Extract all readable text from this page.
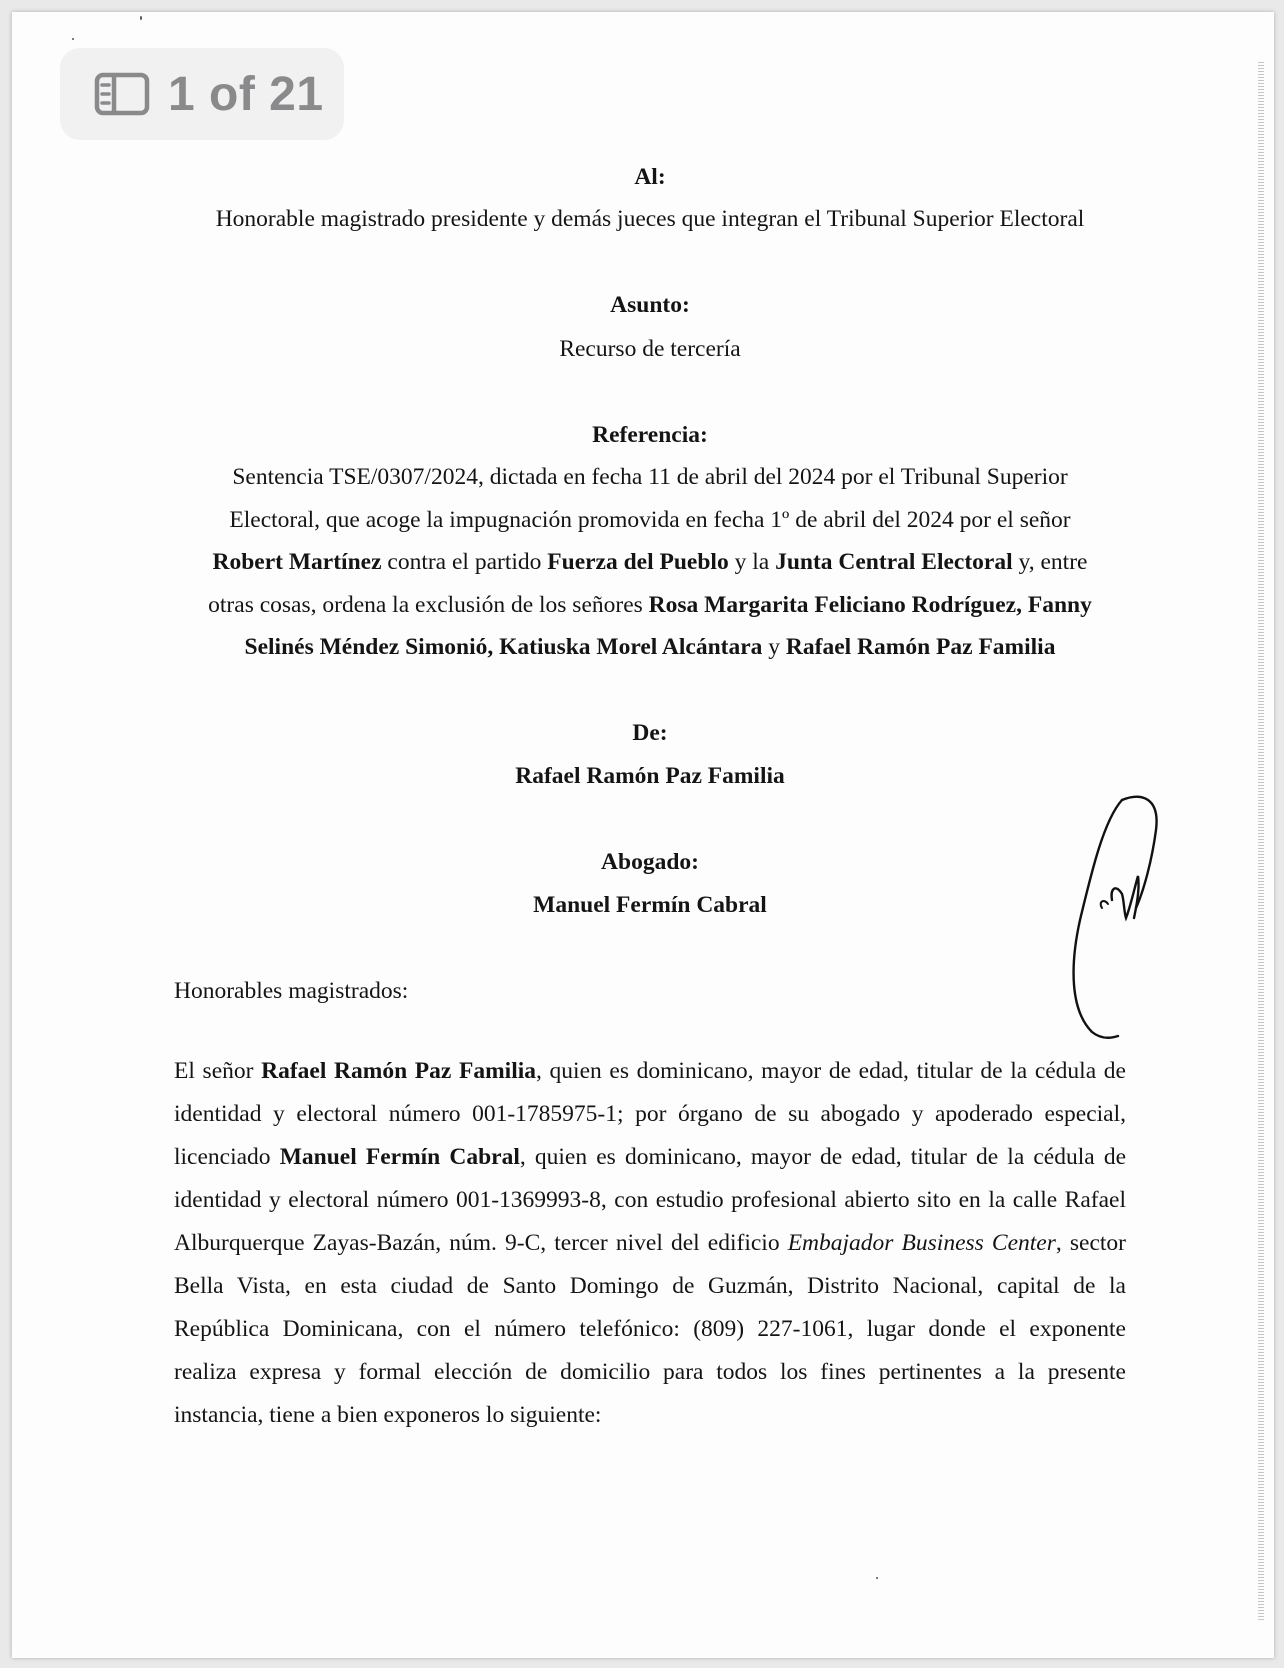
1 of 21
Al:
Honorable magistrado presidente y demás jueces que integran el Tribunal Superior Electoral
Asunto:
Recurso de tercería
Referencia:
Sentencia TSE/0307/2024, dictada en fecha 11 de abril del 2024 por el Tribunal Superior
Electoral, que acoge la impugnación promovida en fecha 1º de abril del 2024 por el señor
Robert Martínez contra el partido Fuerza del Pueblo y la Junta Central Electoral y, entre
otras cosas, ordena la exclusión de los señores Rosa Margarita Feliciano Rodríguez, Fanny
Selinés Méndez Simonió, Katiuska Morel Alcántara y Rafael Ramón Paz Familia
De:
Rafael Ramón Paz Familia
Abogado:
Manuel Fermín Cabral
Honorables magistrados:
El señor Rafael Ramón Paz Familia, quien es dominicano, mayor de edad, titular de la cédula de
identidad y electoral número 001-1785975-1; por órgano de su abogado y apoderado especial,
licenciado Manuel Fermín Cabral, quien es dominicano, mayor de edad, titular de la cédula de
identidad y electoral número 001-1369993-8, con estudio profesional abierto sito en la calle Rafael
Alburquerque Zayas-Bazán, núm. 9-C, tercer nivel del edificio Embajador Business Center, sector
Bella Vista, en esta ciudad de Santo Domingo de Guzmán, Distrito Nacional, capital de la
República Dominicana, con el número telefónico: (809) 227-1061, lugar donde el exponente
realiza expresa y formal elección de domicilio para todos los fines pertinentes a la presente
instancia, tiene a bien exponeros lo siguiente:
